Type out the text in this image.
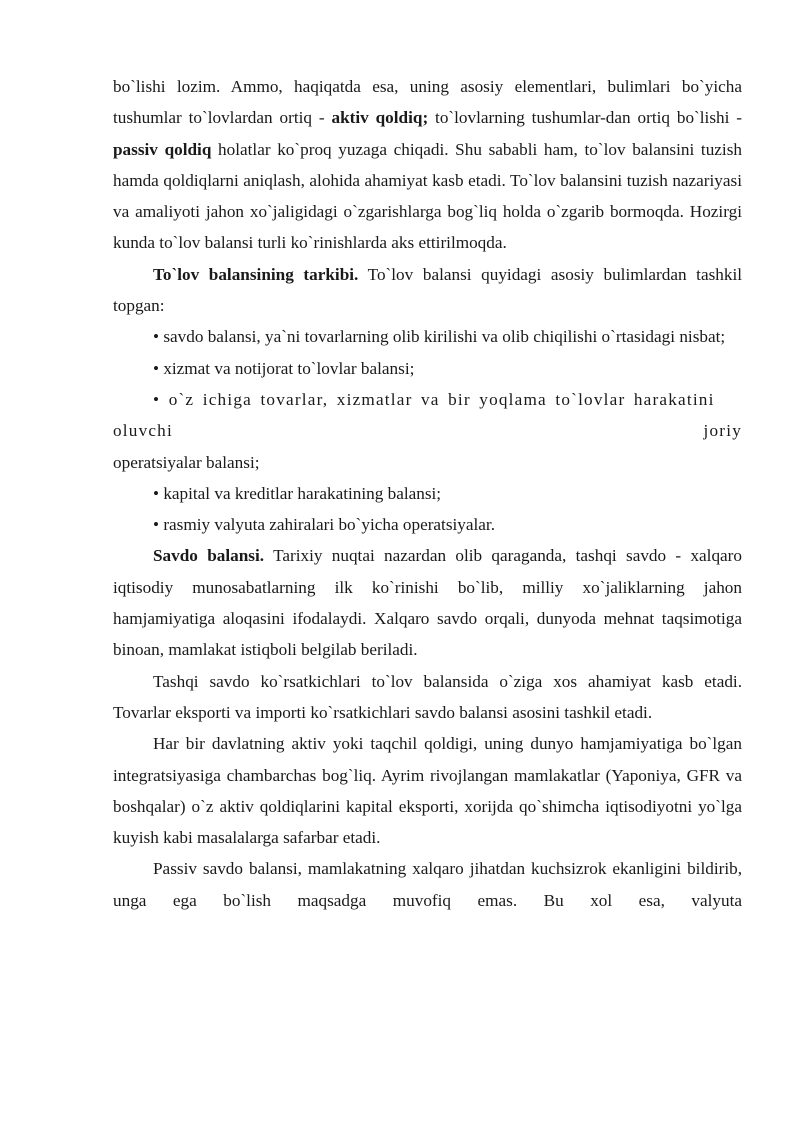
bo`lishi lozim. Ammo, haqiqatda esa, uning asosiy elementlari, bulimlari bo`yicha tushumlar to`lovlardan ortiq - aktiv qoldiq; to`lovlarning tushumlar-dan ortiq bo`lishi - passiv qoldiq holatlar ko`proq yuzaga chiqadi. Shu sababli ham, to`lov balansini tuzish hamda qoldiqlarni aniqlash, alohida ahamiyat kasb etadi. To`lov balansini tuzish nazariyasi va amaliyoti jahon xo`jaligidagi o`zgarishlarga bog`liq holda o`zgarib bormoqda. Hozirgi kunda to`lov balansi turli ko`rinishlarda aks ettirilmoqda.

To`lov balansining tarkibi. To`lov balansi quyidagi asosiy bulimlardan tashkil topgan:

• savdo balansi, ya`ni tovarlarning olib kirilishi va olib chiqilishi o`rtasidagi nisbat;

• xizmat va notijorat to`lovlar balansi;

• o`z ichiga tovarlar, xizmatlar va bir yoqlama to`lovlar harakatini

oluvchi	joriy

operatsiyalar balansi;

• kapital va kreditlar harakatining balansi;

• rasmiy valyuta zahiralari bo`yicha operatsiyalar.

Savdo balansi. Tarixiy nuqtai nazardan olib qaraganda, tashqi savdo - xalqaro iqtisodiy munosabatlarning ilk ko`rinishi bo`lib, milliy xo`jaliklarning jahon hamjamiyatiga aloqasini ifodalaydi. Xalqaro savdo orqali, dunyoda mehnat taqsimotiga binoan, mamlakat istiqboli belgilab beriladi.

Tashqi savdo ko`rsatkichlari to`lov balansida o`ziga xos ahamiyat kasb etadi. Tovarlar eksporti va importi ko`rsatkichlari savdo balansi asosini tashkil etadi.

Har bir davlatning aktiv yoki taqchil qoldigi, uning dunyo hamjamiyatiga bo`lgan integratsiyasiga chambarchas bog`liq. Ayrim rivojlangan mamlakatlar (Yaponiya, GFR va boshqalar) o`z aktiv qoldiqlarini kapital eksporti, xorijda qo`shimcha iqtisodiyotni yo`lga kuyish kabi masalalarga safarbar etadi.

Passiv savdo balansi, mamlakatning xalqaro jihatdan kuchsizrok ekanligini bildirib, unga ega bo`lish maqsadga muvofiq emas. Bu xol esa, valyuta
